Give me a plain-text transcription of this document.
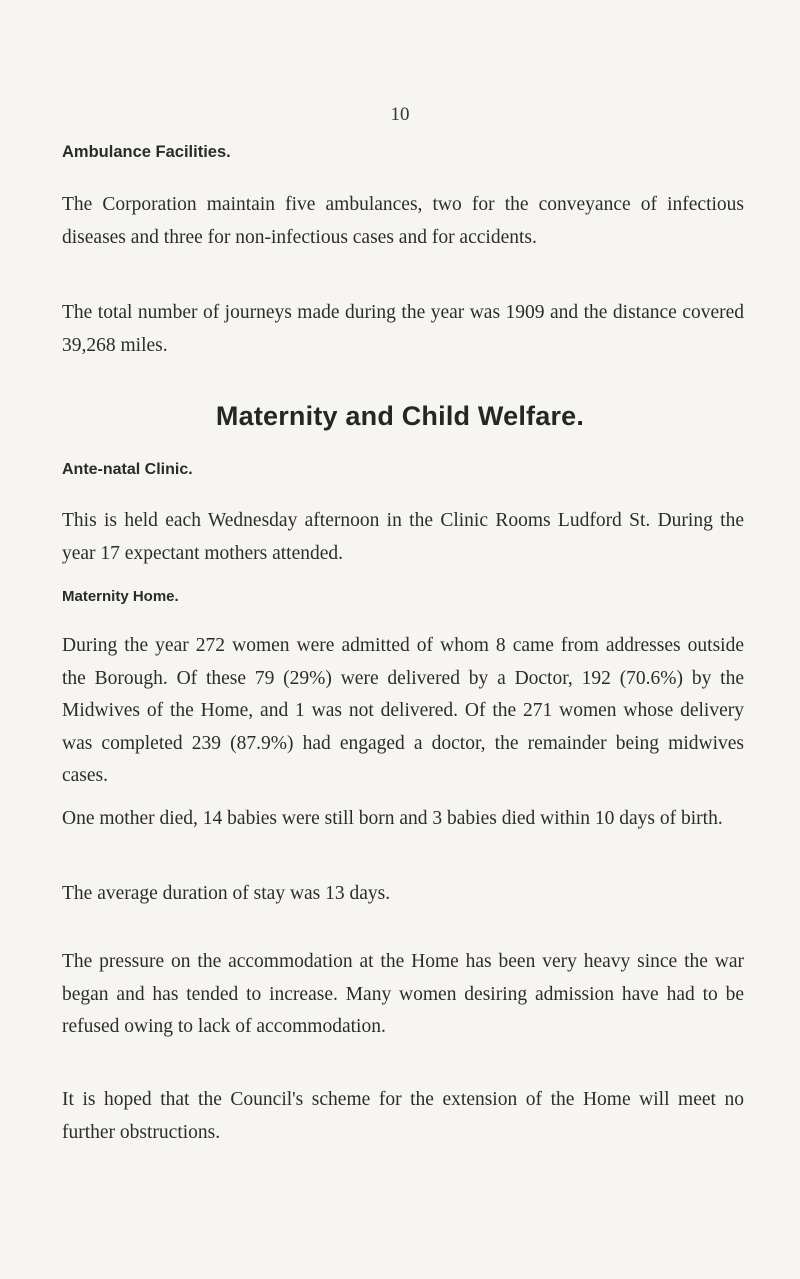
10
Ambulance Facilities.

The Corporation maintain five ambulances, two for the conveyance of infectious diseases and three for non-infectious cases and for accidents.

The total number of journeys made during the year was 1909 and the distance covered 39,268 miles.

Maternity and Child Welfare.
Ante-natal Clinic.

This is held each Wednesday afternoon in the Clinic Rooms Ludford St. During the year 17 expectant mothers attended.

Maternity Home.

During the year 272 women were admitted of whom 8 came from addresses outside the Borough. Of these 79 (29%) were delivered by a Doctor, 192 (70.6%) by the Midwives of the Home, and 1 was not delivered. Of the 271 women whose delivery was completed 239 (87.9%) had engaged a doctor, the remainder being midwives cases.

One mother died, 14 babies were still born and 3 babies died within 10 days of birth.

The average duration of stay was 13 days.

The pressure on the accommodation at the Home has been very heavy since the war began and has tended to increase. Many women desiring admission have had to be refused owing to lack of accommodation.

It is hoped that the Council's scheme for the extension of the Home will meet no further obstructions.
